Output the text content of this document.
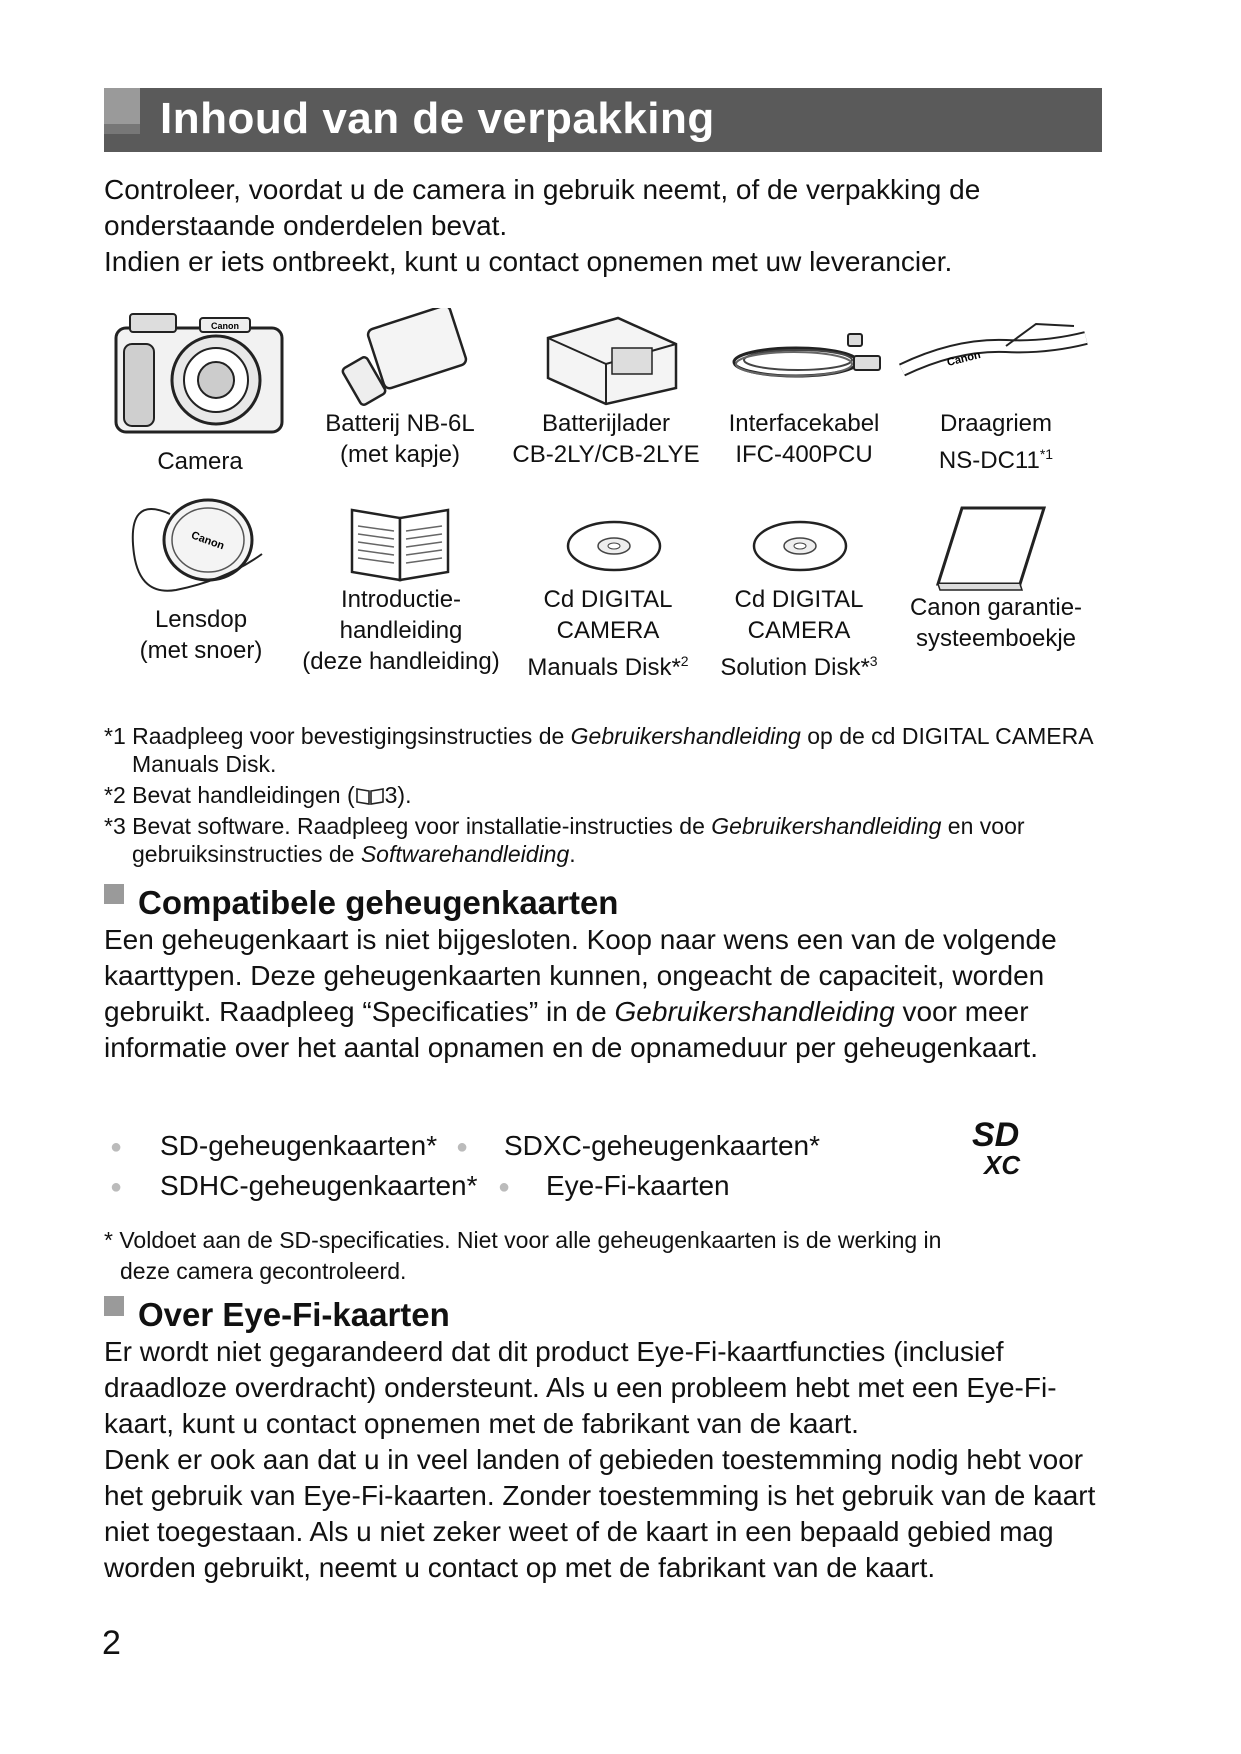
Inhoud van de verpakking
Controleer, voordat u de camera in gebruik neemt, of de verpakking de
onderstaande onderdelen bevat.
Indien er iets ontbreekt, kunt u contact opnemen met uw leverancier.
Canon
Camera
Batterij NB-6L
(met kapje)
Batterijlader
CB-2LY/CB-2LYE
Interfacekabel
IFC-400PCU
Canon
Draagriem
NS-DC11$^{*1}$
Canon
Lensdop
(met snoer)
Introductie-
handleiding
(deze handleiding)
Cd DIGITAL
CAMERA
Manuals Disk*$^2$
Cd DIGITAL
CAMERA
Solution Disk*$^3$
Canon garantie-
systeemboekje
*1 Raadpleeg voor bevestigingsinstructies de Gebruikershandleiding op de cd DIGITAL CAMERA Manuals Disk.
*2 Bevat handleidingen ( 3).
*3 Bevat software. Raadpleeg voor installatie-instructies de Gebruikershandleiding en voor gebruiksinstructies de Softwarehandleiding.
Compatibele geheugenkaarten

Een geheugenkaart is niet bijgesloten. Koop naar wens een van de volgende kaarttypen. Deze geheugenkaarten kunnen, ongeacht de capaciteit, worden gebruikt. Raadpleeg “Specificaties” in de Gebruikershandleiding voor meer informatie over het aantal opnamen en de opnameduur per geheugenkaart.

● SD-geheugenkaarten* ● SDXC-geheugenkaarten*
● SDHC-geheugenkaarten* ● Eye-Fi-kaarten
SD
XC
* Voldoet aan de SD-specificaties. Niet voor alle geheugenkaarten is de werking in
deze camera gecontroleerd.
Over Eye-Fi-kaarten

Er wordt niet gegarandeerd dat dit product Eye-Fi-kaartfuncties (inclusief draadloze overdracht) ondersteunt. Als u een probleem hebt met een Eye-Fi-kaart, kunt u contact opnemen met de fabrikant van de kaart.

Denk er ook aan dat u in veel landen of gebieden toestemming nodig hebt voor het gebruik van Eye-Fi-kaarten. Zonder toestemming is het gebruik van de kaart niet toegestaan. Als u niet zeker weet of de kaart in een bepaald gebied mag worden gebruikt, neemt u contact op met de fabrikant van de kaart.

2
